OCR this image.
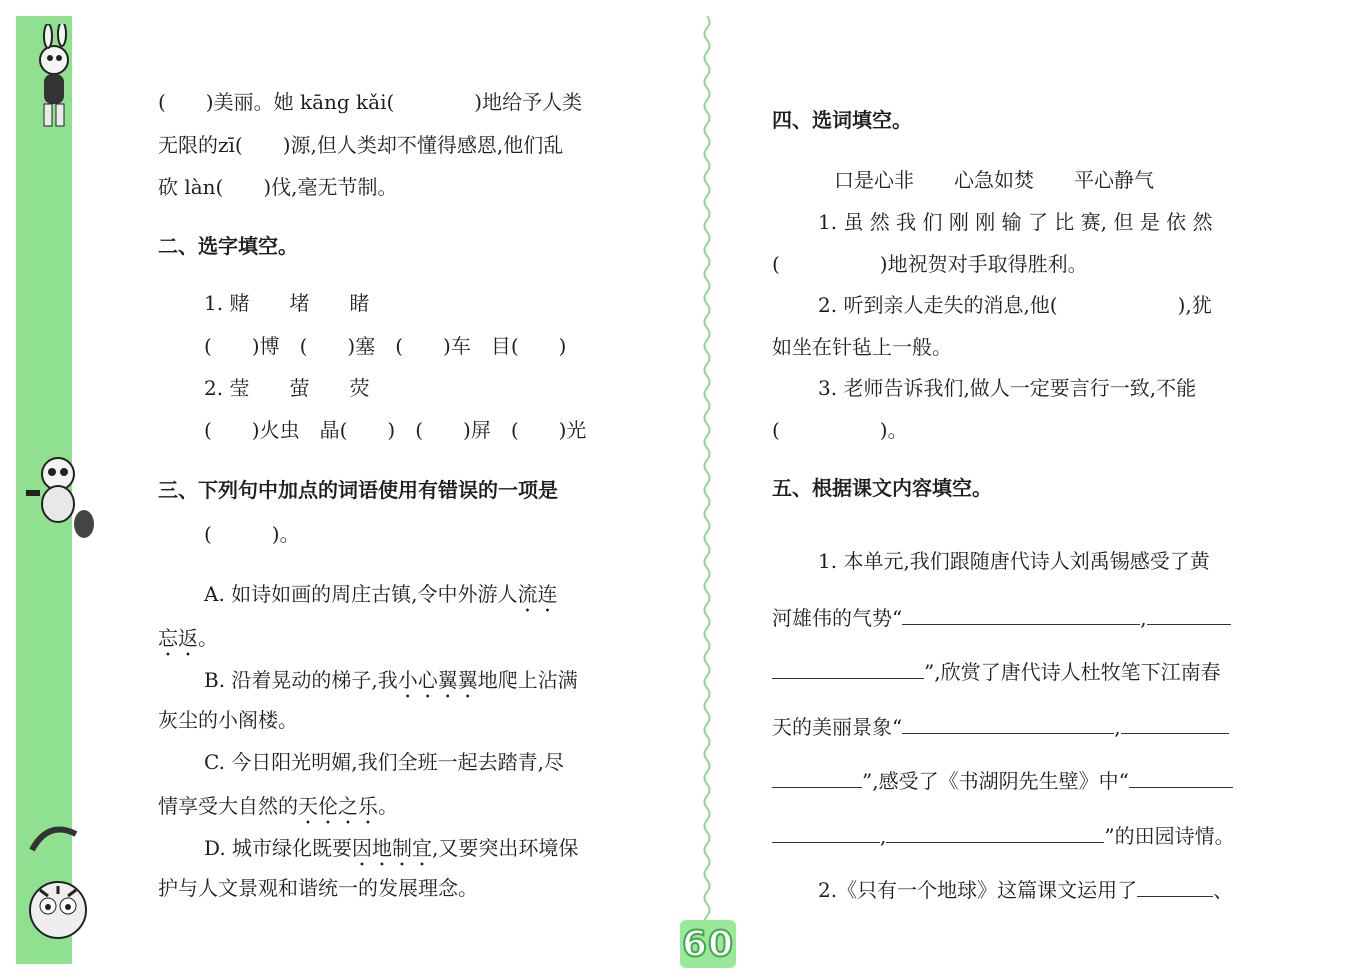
(　　)美丽。她 kāng kǎi(　　　　)地给予人类
无限的zī(　　)源,但人类却不懂得感恩,他们乱
砍 làn(　　)伐,毫无节制。
二、选字填空。
1. 赌　　堵　　睹
(　　)博　(　　)塞　(　　)车　目(　　)
2. 莹　　萤　　荧
(　　)火虫　晶(　　)　(　　)屏　(　　)光
三、下列句中加点的词语使用有错误的一项是
(　　　)。
A. 如诗如画的周庄古镇,令中外游人流连
忘返。
B. 沿着晃动的梯子,我小心翼翼地爬上沾满
灰尘的小阁楼。
C. 今日阳光明媚,我们全班一起去踏青,尽
情享受大自然的天伦之乐。
D. 城市绿化既要因地制宜,又要突出环境保
护与人文景观和谐统一的发展理念。
四、选词填空。
口是心非　　心急如焚　　平心静气
1. 虽 然 我 们 刚 刚 输 了 比 赛, 但 是 依 然
(　　　　　)地祝贺对手取得胜利。
2. 听到亲人走失的消息,他(　　　　　　),犹
如坐在针毡上一般。
3. 老师告诉我们,做人一定要言行一致,不能
(　　　　　)。
五、根据课文内容填空。
1. 本单元,我们跟随唐代诗人刘禹锡感受了黄
河雄伟的气势“	,
”,欣赏了唐代诗人杜牧笔下江南春
天的美丽景象“	,
”,感受了《书湖阴先生壁》中“
,	”的田园诗情。
2.《只有一个地球》这篇课文运用了	、
60
